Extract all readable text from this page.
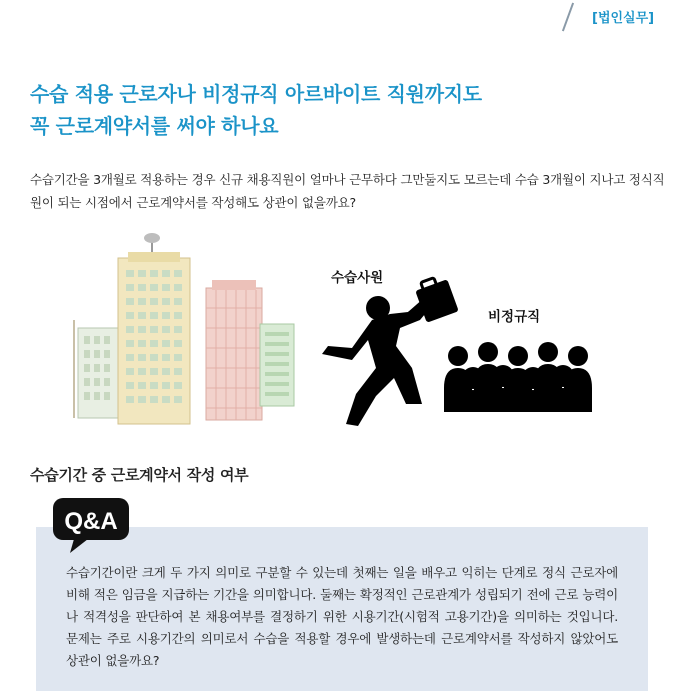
[법인실무]
수습 적용 근로자나 비정규직 아르바이트 직원까지도
꼭 근로계약서를 써야 하나요

수습기간을 3개월로 적용하는 경우 신규 채용직원이 얼마나 근무하다 그만둘지도 모르는데 수습 3개월이 지나고 정식직원이 되는 시점에서 근로계약서를 작성해도 상관이 없을까요?

수습사원
비정규직
수습기간 중 근로계약서 작성 여부
Q&A

수습기간이란 크게 두 가지 의미로 구분할 수 있는데 첫째는 일을 배우고 익히는 단계로 정식 근로자에 비해 적은 임금을 지급하는 기간을 의미합니다. 둘째는 확정적인 근로관계가 성립되기 전에 근로 능력이나 적격성을 판단하여 본 채용여부를 결정하기 위한 시용기간(시험적 고용기간)을 의미하는 것입니다. 문제는 주로 시용기간의 의미로서 수습을 적용할 경우에 발생하는데 근로계약서를 작성하지 않았어도 상관이 없을까요?
